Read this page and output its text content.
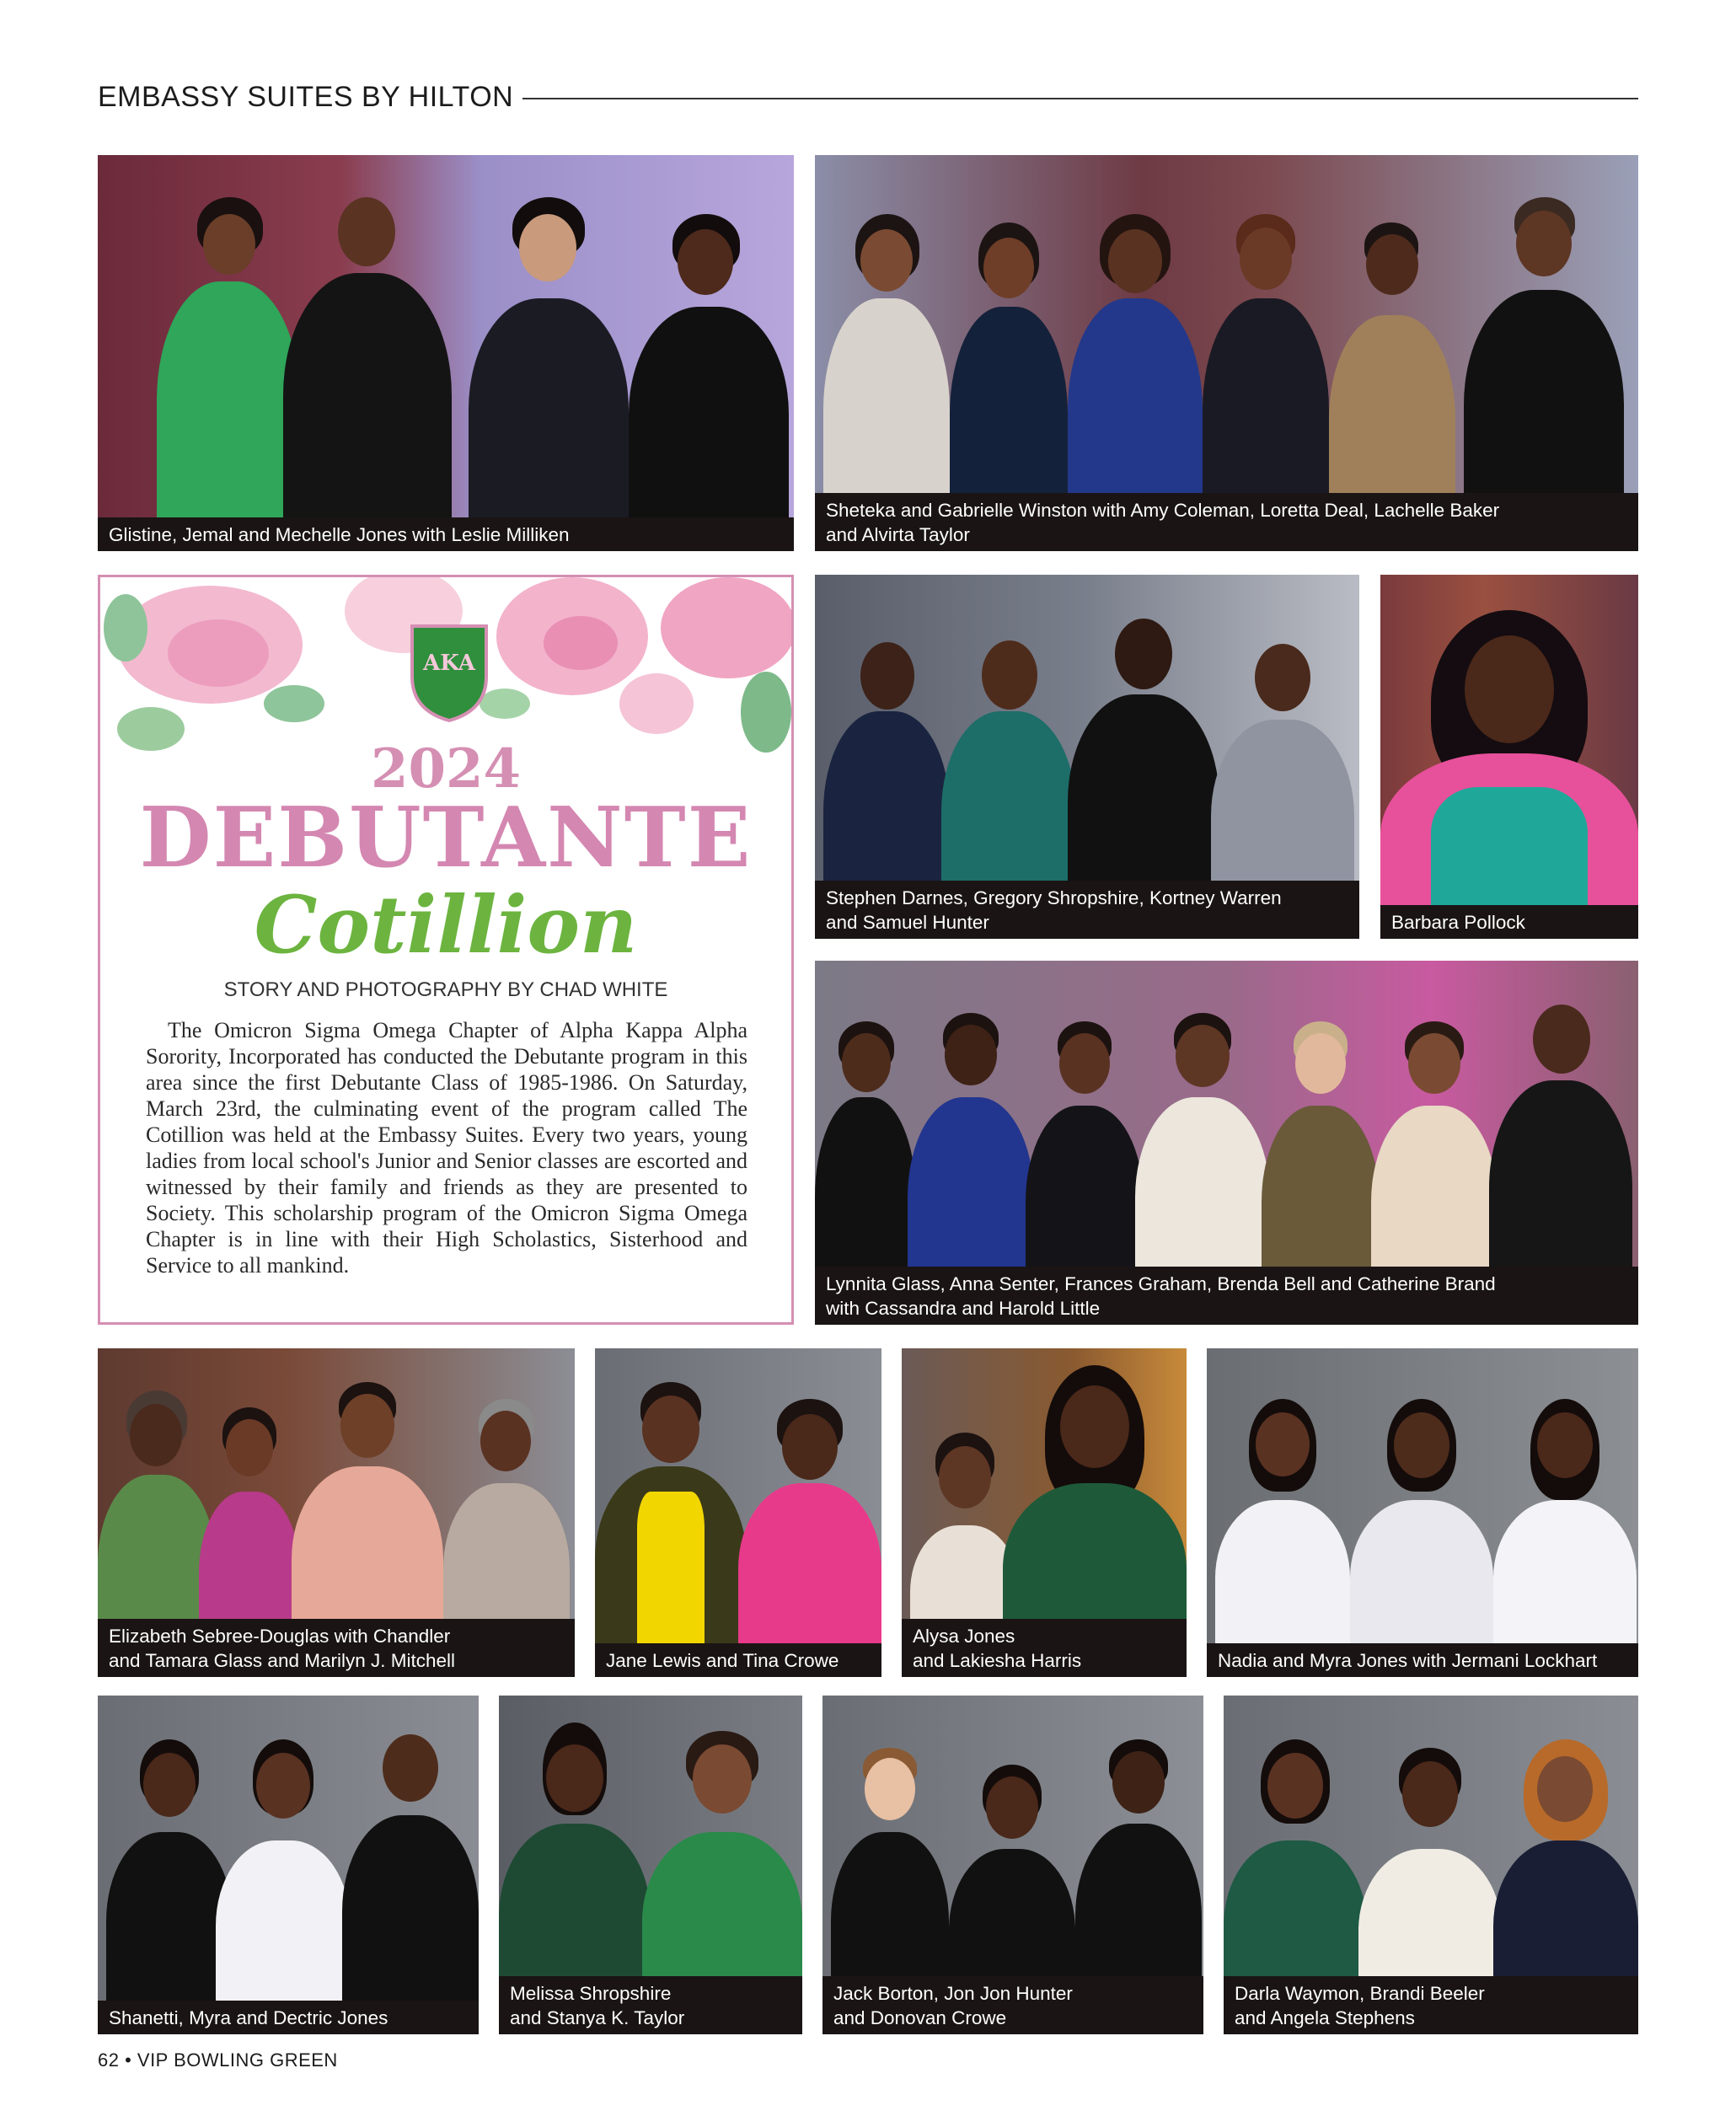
EMBASSY SUITES BY HILTON
Glistine, Jemal and Mechelle Jones with Leslie Milliken
Sheteka and Gabrielle Winston with Amy Coleman, Loretta Deal, Lachelle Baker
and Alvirta Taylor
AKA
2024
DEBUTANTE
Cotillion
STORY AND PHOTOGRAPHY BY CHAD WHITE
The Omicron Sigma Omega Chapter of Alpha Kappa Alpha Sorority, Incorporated has conducted the Debutante program in this area since the first Debutante Class of 1985-1986. On Saturday, March 23rd, the culminating event of the program called The Cotillion was held at the Embassy Suites. Every two years, young ladies from local school's Junior and Senior classes are escorted and witnessed by their family and friends as they are presented to Society. This scholarship program of the Omicron Sigma Omega Chapter is in line with their High Scholastics, Sisterhood and Service to all mankind.
Stephen Darnes, Gregory Shropshire, Kortney Warren
and Samuel Hunter	Barbara Pollock
Lynnita Glass, Anna Senter, Frances Graham, Brenda Bell and Catherine Brand
with Cassandra and Harold Little
Elizabeth Sebree-Douglas with Chandler
and Tamara Glass and Marilyn J. Mitchell	Jane Lewis and Tina Crowe
Alysa Jones
and Lakiesha Harris	Nadia and Myra Jones with Jermani Lockhart
Shanetti, Myra and Dectric Jones
Melissa Shropshire
and Stanya K. Taylor
Jack Borton, Jon Jon Hunter
and Donovan Crowe
Darla Waymon, Brandi Beeler
and Angela Stephens
62 • VIP BOWLING GREEN
